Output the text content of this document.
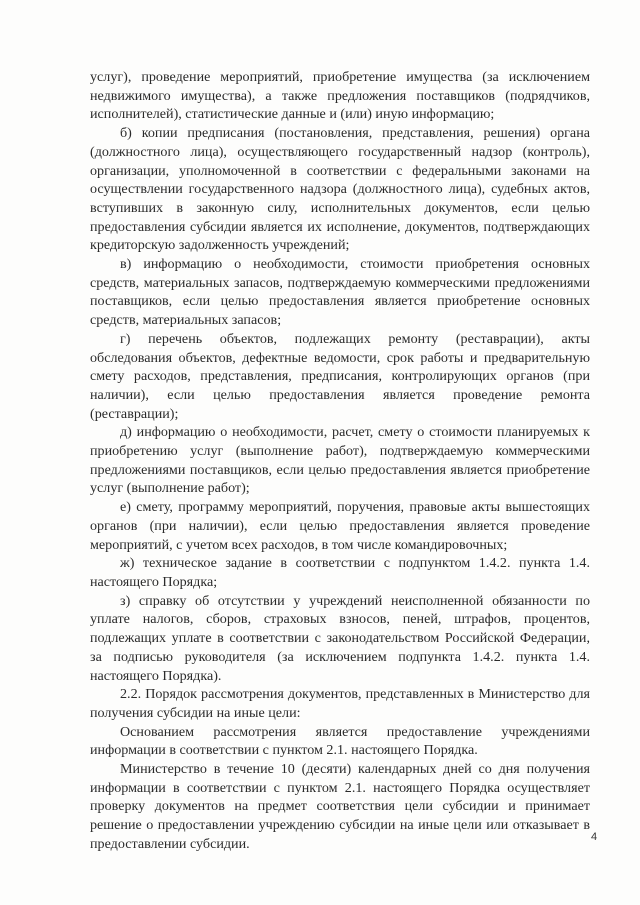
услуг), проведение мероприятий, приобретение имущества (за исключением недвижимого имущества), а также предложения поставщиков (подрядчиков, исполнителей), статистические данные и (или) иную информацию;

б) копии предписания (постановления, представления, решения) органа (должностного лица), осуществляющего государственный надзор (контроль), организации, уполномоченной в соответствии с федеральными законами на осуществлении государственного надзора (должностного лица), судебных актов, вступивших в законную силу, исполнительных документов, если целью предоставления субсидии является их исполнение, документов, подтверждающих кредиторскую задолженность учреждений;

в) информацию о необходимости, стоимости приобретения основных средств, материальных запасов, подтверждаемую коммерческими предложениями поставщиков, если целью предоставления является приобретение основных средств, материальных запасов;

г) перечень объектов, подлежащих ремонту (реставрации), акты обследования объектов, дефектные ведомости, срок работы и предварительную смету расходов, представления, предписания, контролирующих органов (при наличии), если целью предоставления является проведение ремонта (реставрации);

д) информацию о необходимости, расчет, смету о стоимости планируемых к приобретению услуг (выполнение работ), подтверждаемую коммерческими предложениями поставщиков, если целью предоставления является приобретение услуг (выполнение работ);

е) смету, программу мероприятий, поручения, правовые акты вышестоящих органов (при наличии), если целью предоставления является проведение мероприятий, с учетом всех расходов, в том числе командировочных;

ж) техническое задание в соответствии с подпунктом 1.4.2. пункта 1.4. настоящего Порядка;

з) справку об отсутствии у учреждений неисполненной обязанности по уплате налогов, сборов, страховых взносов, пеней, штрафов, процентов, подлежащих уплате в соответствии с законодательством Российской Федерации, за подписью руководителя (за исключением подпункта 1.4.2. пункта 1.4. настоящего Порядка).

2.2. Порядок рассмотрения документов, представленных в Министерство для получения субсидии на иные цели:

Основанием рассмотрения является предоставление учреждениями информации в соответствии с пунктом 2.1. настоящего Порядка.

Министерство в течение 10 (десяти) календарных дней со дня получения информации в соответствии с пунктом 2.1. настоящего Порядка осуществляет проверку документов на предмет соответствия цели субсидии и принимает решение о предоставлении учреждению субсидии на иные цели или отказывает в предоставлении субсидии.	4
